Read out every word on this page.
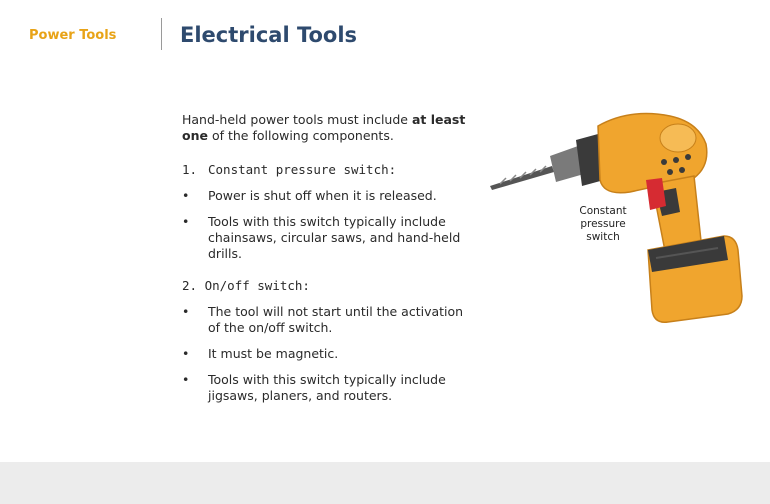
Power Tools	Electrical Tools

Hand-held power tools must include at least one of the following components.

1. Constant pressure switch:
• Power is shut off when it is released.
• Tools with this switch typically include chainsaws, circular saws, and hand-held drills.
2. On/off switch:
• The tool will not start until the activation of the on/off switch.
• It must be magnetic.
• Tools with this switch typically include jigsaws, planers, and routers.
Constant pressure switch
